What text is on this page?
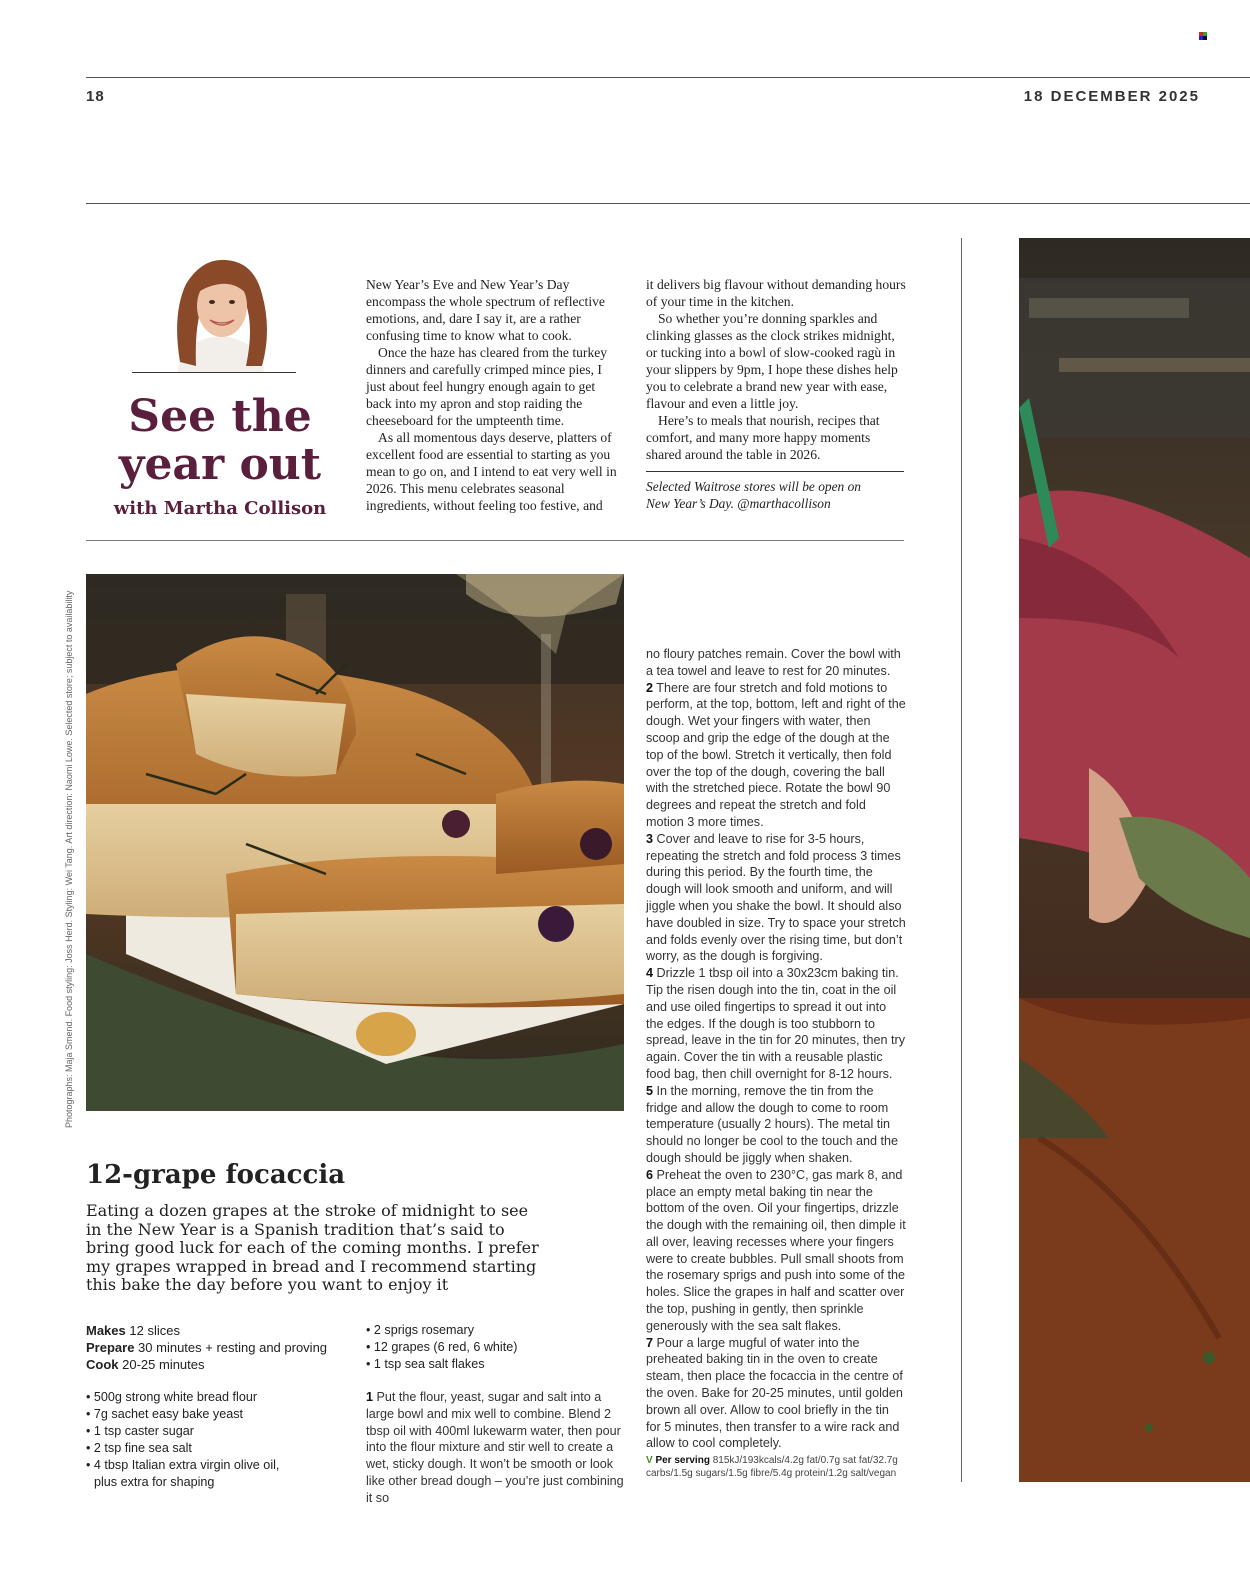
18	18 DECEMBER 2025
See the
year out
with Martha Collison

New Year’s Eve and New Year’s Day encompass the whole spectrum of reflective emotions, and, dare I say it, are a rather confusing time to know what to cook.

Once the haze has cleared from the turkey dinners and carefully crimped mince pies, I just about feel hungry enough again to get back into my apron and stop raiding the cheeseboard for the umpteenth time.

As all momentous days deserve, platters of excellent food are essential to starting as you mean to go on, and I intend to eat very well in 2026. This menu celebrates seasonal ingredients, without feeling too festive, and

it delivers big flavour without demanding hours of your time in the kitchen.

So whether you’re donning sparkles and clinking glasses as the clock strikes midnight, or tucking into a bowl of slow-cooked ragù in your slippers by 9pm, I hope these dishes help you to celebrate a brand new year with ease, flavour and even a little joy.

Here’s to meals that nourish, recipes that comfort, and many more happy moments shared around the table in 2026.

Selected Waitrose stores will be open on New Year’s Day. @marthacollison
Photographs: Maja Smend. Food styling: Joss Herd. Styling: Wei Tang. Art direction: Naomi Lowe. Selected store; subject to availability
12-grape focaccia
Eating a dozen grapes at the stroke of midnight to see in the New Year is a Spanish tradition that’s said to bring good luck for each of the coming months. I prefer my grapes wrapped in bread and I recommend starting this bake the day before you want to enjoy it
Makes 12 slices
Prepare 30 minutes + resting and proving
Cook 20-25 minutes
• 500g strong white bread flour
• 7g sachet easy bake yeast
• 1 tsp caster sugar
• 2 tsp fine sea salt
• 4 tbsp Italian extra virgin olive oil,
plus extra for shaping
• 2 sprigs rosemary
• 12 grapes (6 red, 6 white)
• 1 tsp sea salt flakes
1 Put the flour, yeast, sugar and salt into a large bowl and mix well to combine. Blend 2 tbsp oil with 400ml lukewarm water, then pour into the flour mixture and stir well to create a wet, sticky dough. It won’t be smooth or look like other bread dough – you’re just combining it so
no floury patches remain. Cover the bowl with a tea towel and leave to rest for 20 minutes.
2 There are four stretch and fold motions to perform, at the top, bottom, left and right of the dough. Wet your fingers with water, then scoop and grip the edge of the dough at the top of the bowl. Stretch it vertically, then fold over the top of the dough, covering the ball with the stretched piece. Rotate the bowl 90 degrees and repeat the stretch and fold motion 3 more times.
3 Cover and leave to rise for 3-5 hours, repeating the stretch and fold process 3 times during this period. By the fourth time, the dough will look smooth and uniform, and will jiggle when you shake the bowl. It should also have doubled in size. Try to space your stretch and folds evenly over the rising time, but don’t worry, as the dough is forgiving.
4 Drizzle 1 tbsp oil into a 30x23cm baking tin. Tip the risen dough into the tin, coat in the oil and use oiled fingertips to spread it out into the edges. If the dough is too stubborn to spread, leave in the tin for 20 minutes, then try again. Cover the tin with a reusable plastic food bag, then chill overnight for 8-12 hours.
5 In the morning, remove the tin from the fridge and allow the dough to come to room temperature (usually 2 hours). The metal tin should no longer be cool to the touch and the dough should be jiggly when shaken.
6 Preheat the oven to 230°C, gas mark 8, and place an empty metal baking tin near the bottom of the oven. Oil your fingertips, drizzle the dough with the remaining oil, then dimple it all over, leaving recesses where your fingers were to create bubbles. Pull small shoots from the rosemary sprigs and push into some of the holes. Slice the grapes in half and scatter over the top, pushing in gently, then sprinkle generously with the sea salt flakes.
7 Pour a large mugful of water into the preheated baking tin in the oven to create steam, then place the focaccia in the centre of the oven. Bake for 20-25 minutes, until golden brown all over. Allow to cool briefly in the tin for 5 minutes, then transfer to a wire rack and allow to cool completely.
V Per serving 815kJ/193kcals/4.2g fat/0.7g sat fat/32.7g carbs/1.5g sugars/1.5g fibre/5.4g protein/1.2g salt/vegan
